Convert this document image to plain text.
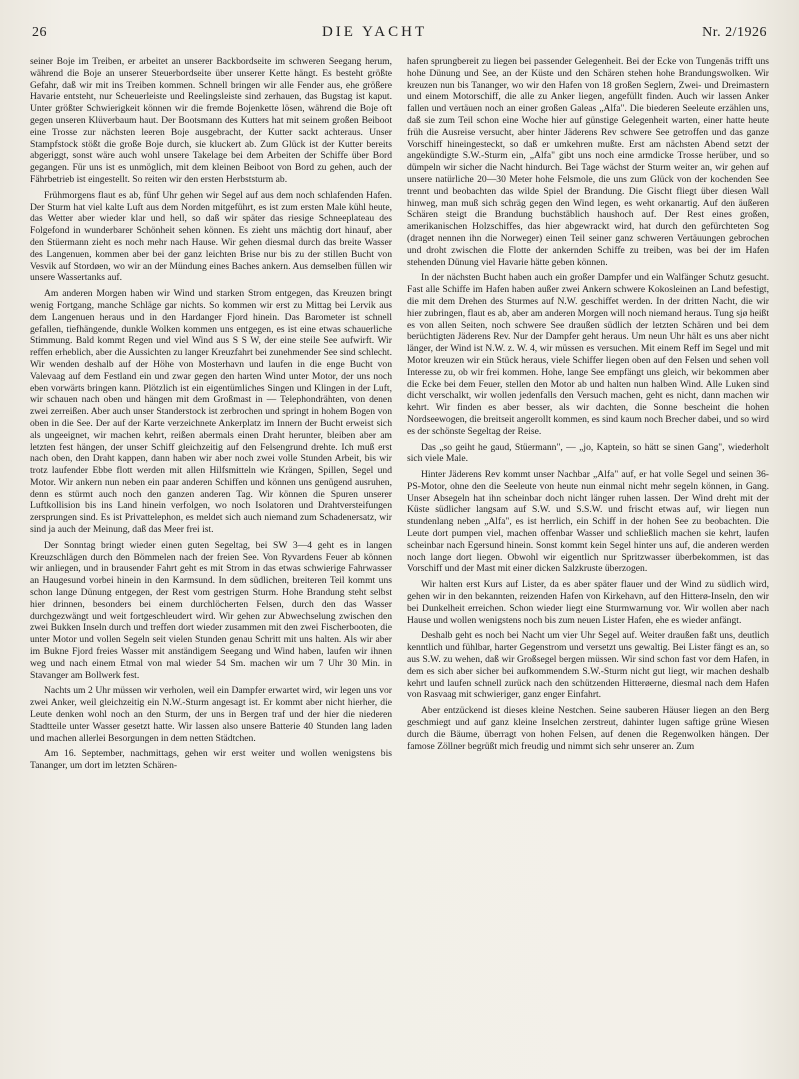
26	DIE YACHT	Nr. 2/1926

seiner Boje im Treiben, er arbeitet an unserer Backbordseite im schweren Seegang herum, während die Boje an unserer Steuerbordseite über unserer Kette hängt. Es besteht größte Gefahr, daß wir mit ins Treiben kommen. Schnell bringen wir alle Fender aus, ehe größere Havarie entsteht, nur Scheuerleiste und Reelingsleiste sind zerhauen, das Bugstag ist kaput. Unter größter Schwierigkeit können wir die fremde Bojenkette lösen, während die Boje oft gegen unseren Klüverbaum haut. Der Bootsmann des Kutters hat mit seinem großen Beiboot eine Trosse zur nächsten leeren Boje ausgebracht, der Kutter sackt achteraus. Unser Stampfstock stößt die große Boje durch, sie kluckert ab. Zum Glück ist der Kutter bereits abgeriggt, sonst wäre auch wohl unsere Takelage bei dem Arbeiten der Schiffe über Bord gegangen. Für uns ist es unmöglich, mit dem kleinen Beiboot von Bord zu gehen, auch der Fährbetrieb ist eingestellt. So reiten wir den ersten Herbststurm ab.

Frühmorgens flaut es ab, fünf Uhr gehen wir Segel auf aus dem noch schlafenden Hafen. Der Sturm hat viel kalte Luft aus dem Norden mitgeführt, es ist zum ersten Male kühl heute, das Wetter aber wieder klar und hell, so daß wir später das riesige Schneeplateau des Folgefond in wunderbarer Schönheit sehen können. Es zieht uns mächtig dort hinauf, aber den Stüermann zieht es noch mehr nach Hause. Wir gehen diesmal durch das breite Wasser des Langenuen, kommen aber bei der ganz leichten Brise nur bis zu der stillen Bucht von Vesvik auf Stordøen, wo wir an der Mündung eines Baches ankern. Aus demselben füllen wir unsere Wassertanks auf.

Am anderen Morgen haben wir Wind und starken Strom entgegen, das Kreuzen bringt wenig Fortgang, manche Schläge gar nichts. So kommen wir erst zu Mittag bei Lervik aus dem Langenuen heraus und in den Hardanger Fjord hinein. Das Barometer ist schnell gefallen, tiefhängende, dunkle Wolken kommen uns entgegen, es ist eine etwas schauerliche Stimmung. Bald kommt Regen und viel Wind aus S S W, der eine steile See aufwirft. Wir reffen erheblich, aber die Aussichten zu langer Kreuzfahrt bei zunehmender See sind schlecht. Wir wenden deshalb auf der Höhe von Mosterhavn und laufen in die enge Bucht von Valevaag auf dem Festland ein und zwar gegen den harten Wind unter Motor, der uns noch eben vorwärts bringen kann. Plötzlich ist ein eigentümliches Singen und Klingen in der Luft, wir schauen nach oben und hängen mit dem Großmast in — Telephondrähten, von denen zwei zerreißen. Aber auch unser Standerstock ist zerbrochen und springt in hohem Bogen von oben in die See. Der auf der Karte verzeichnete Ankerplatz im Innern der Bucht erweist sich als ungeeignet, wir machen kehrt, reißen abermals einen Draht herunter, bleiben aber am letzten fest hängen, der unser Schiff gleichzeitig auf den Felsengrund drehte. Ich muß erst nach oben, den Draht kappen, dann haben wir aber noch zwei volle Stunden Arbeit, bis wir trotz laufender Ebbe flott werden mit allen Hilfsmitteln wie Krängen, Spillen, Segel und Motor. Wir ankern nun neben ein paar anderen Schiffen und können uns genügend ausruhen, denn es stürmt auch noch den ganzen anderen Tag. Wir können die Spuren unserer Luftkollision bis ins Land hinein verfolgen, wo noch Isolatoren und Drahtversteifungen zersprungen sind. Es ist Privattelephon, es meldet sich auch niemand zum Schadenersatz, wir sind ja auch der Meinung, daß das Meer frei ist.

Der Sonntag bringt wieder einen guten Segeltag, bei SW 3—4 geht es in langen Kreuzschlägen durch den Bömmelen nach der freien See. Von Ryvardens Feuer ab können wir anliegen, und in brausender Fahrt geht es mit Strom in das etwas schwierige Fahrwasser an Haugesund vorbei hinein in den Karmsund. In dem südlichen, breiteren Teil kommt uns schon lange Dünung entgegen, der Rest vom gestrigen Sturm. Hohe Brandung steht selbst hier drinnen, besonders bei einem durchlöcherten Felsen, durch den das Wasser durchgezwängt und weit fortgeschleudert wird. Wir gehen zur Abwechselung zwischen den zwei Bukken Inseln durch und treffen dort wieder zusammen mit den zwei Fischerbooten, die unter Motor und vollen Segeln seit vielen Stunden genau Schritt mit uns halten. Als wir aber im Bukne Fjord freies Wasser mit anständigem Seegang und Wind haben, laufen wir ihnen weg und nach einem Etmal von mal wieder 54 Sm. machen wir um 7 Uhr 30 Min. in Stavanger am Bollwerk fest.

Nachts um 2 Uhr müssen wir verholen, weil ein Dampfer erwartet wird, wir legen uns vor zwei Anker, weil gleichzeitig ein N.W.-Sturm angesagt ist. Er kommt aber nicht hierher, die Leute denken wohl noch an den Sturm, der uns in Bergen traf und der hier die niederen Stadtteile unter Wasser gesetzt hatte. Wir lassen also unsere Batterie 40 Stunden lang laden und machen allerlei Besorgungen in dem netten Städtchen.

Am 16. September, nachmittags, gehen wir erst weiter und wollen wenigstens bis Tananger, um dort im letzten Schären-

hafen sprungbereit zu liegen bei passender Gelegenheit. Bei der Ecke von Tungenäs trifft uns hohe Dünung und See, an der Küste und den Schären stehen hohe Brandungswolken. Wir kreuzen nun bis Tananger, wo wir den Hafen von 18 großen Seglern, Zwei- und Dreimastern und einem Motorschiff, die alle zu Anker liegen, angefüllt finden. Auch wir lassen Anker fallen und vertäuen noch an einer großen Galeas „Alfa". Die biederen Seeleute erzählen uns, daß sie zum Teil schon eine Woche hier auf günstige Gelegenheit warten, einer hatte heute früh die Ausreise versucht, aber hinter Jäderens Rev schwere See getroffen und das ganze Vorschiff hineingesteckt, so daß er umkehren mußte. Erst am nächsten Abend setzt der angekündigte S.W.-Sturm ein, „Alfa" gibt uns noch eine armdicke Trosse herüber, und so dümpeln wir sicher die Nacht hindurch. Bei Tage wächst der Sturm weiter an, wir gehen auf unsere natürliche 20—30 Meter hohe Felsmole, die uns zum Glück von der kochenden See trennt und beobachten das wilde Spiel der Brandung. Die Gischt fliegt über diesen Wall hinweg, man muß sich schräg gegen den Wind legen, es weht orkanartig. Auf den äußeren Schären steigt die Brandung buchstäblich haushoch auf. Der Rest eines großen, amerikanischen Holzschiffes, das hier abgewrackt wird, hat durch den gefürchteten Sog (draget nennen ihn die Norweger) einen Teil seiner ganz schweren Vertäuungen gebrochen und droht zwischen die Flotte der ankernden Schiffe zu treiben, was bei der im Hafen stehenden Dünung viel Havarie hätte geben können.

In der nächsten Bucht haben auch ein großer Dampfer und ein Walfänger Schutz gesucht. Fast alle Schiffe im Hafen haben außer zwei Ankern schwere Kokosleinen an Land befestigt, die mit dem Drehen des Sturmes auf N.W. geschiffet werden. In der dritten Nacht, die wir hier zubringen, flaut es ab, aber am anderen Morgen will noch niemand heraus. Tung sjø heißt es von allen Seiten, noch schwere See draußen südlich der letzten Schären und bei dem berüchtigten Jäderens Rev. Nur der Dampfer geht heraus. Um neun Uhr hält es uns aber nicht länger, der Wind ist N.W. z. W. 4, wir müssen es versuchen. Mit einem Reff im Segel und mit Motor kreuzen wir ein Stück heraus, viele Schiffer liegen oben auf den Felsen und sehen voll Interesse zu, ob wir frei kommen. Hohe, lange See empfängt uns gleich, wir bekommen aber die Ecke bei dem Feuer, stellen den Motor ab und halten nun halben Wind. Alle Luken sind dicht verschalkt, wir wollen jedenfalls den Versuch machen, geht es nicht, dann machen wir kehrt. Wir finden es aber besser, als wir dachten, die Sonne bescheint die hohen Nordseewogen, die breitseit angerollt kommen, es sind kaum noch Brecher dabei, und so wird es der schönste Segeltag der Reise.

Das „so geiht he gaud, Stüermann", — „jo, Kaptein, so hätt se sinen Gang", wiederholt sich viele Male.

Hinter Jäderens Rev kommt unser Nachbar „Alfa" auf, er hat volle Segel und seinen 36-PS-Motor, ohne den die Seeleute von heute nun einmal nicht mehr segeln können, in Gang. Unser Absegeln hat ihn scheinbar doch nicht länger ruhen lassen. Der Wind dreht mit der Küste südlicher langsam auf S.W. und S.S.W. und frischt etwas auf, wir liegen nun stundenlang neben „Alfa", es ist herrlich, ein Schiff in der hohen See zu beobachten. Die Leute dort pumpen viel, machen offenbar Wasser und schließlich machen sie kehrt, laufen scheinbar nach Egersund hinein. Sonst kommt kein Segel hinter uns auf, die anderen werden noch lange dort liegen. Obwohl wir eigentlich nur Spritzwasser überbekommen, ist das Vorschiff und der Mast mit einer dicken Salzkruste überzogen.

Wir halten erst Kurs auf Lister, da es aber später flauer und der Wind zu südlich wird, gehen wir in den bekannten, reizenden Hafen von Kirkehavn, auf den Hitterø-Inseln, den wir bei Dunkelheit erreichen. Schon wieder liegt eine Sturmwarnung vor. Wir wollen aber nach Hause und wollen wenigstens noch bis zum neuen Lister Hafen, ehe es wieder anfängt.

Deshalb geht es noch bei Nacht um vier Uhr Segel auf. Weiter draußen faßt uns, deutlich kenntlich und fühlbar, harter Gegenstrom und versetzt uns gewaltig. Bei Lister fängt es an, so aus S.W. zu wehen, daß wir Großsegel bergen müssen. Wir sind schon fast vor dem Hafen, in dem es sich aber sicher bei aufkommendem S.W.-Sturm nicht gut liegt, wir machen deshalb kehrt und laufen schnell zurück nach den schützenden Hitterøerne, diesmal nach dem Hafen von Rasvaag mit schwieriger, ganz enger Einfahrt.

Aber entzückend ist dieses kleine Nestchen. Seine sauberen Häuser liegen an den Berg geschmiegt und auf ganz kleine Inselchen zerstreut, dahinter lugen saftige grüne Wiesen durch die Bäume, überragt von hohen Felsen, auf denen die Regenwolken hängen. Der famose Zöllner begrüßt mich freudig und nimmt sich sehr unserer an. Zum
